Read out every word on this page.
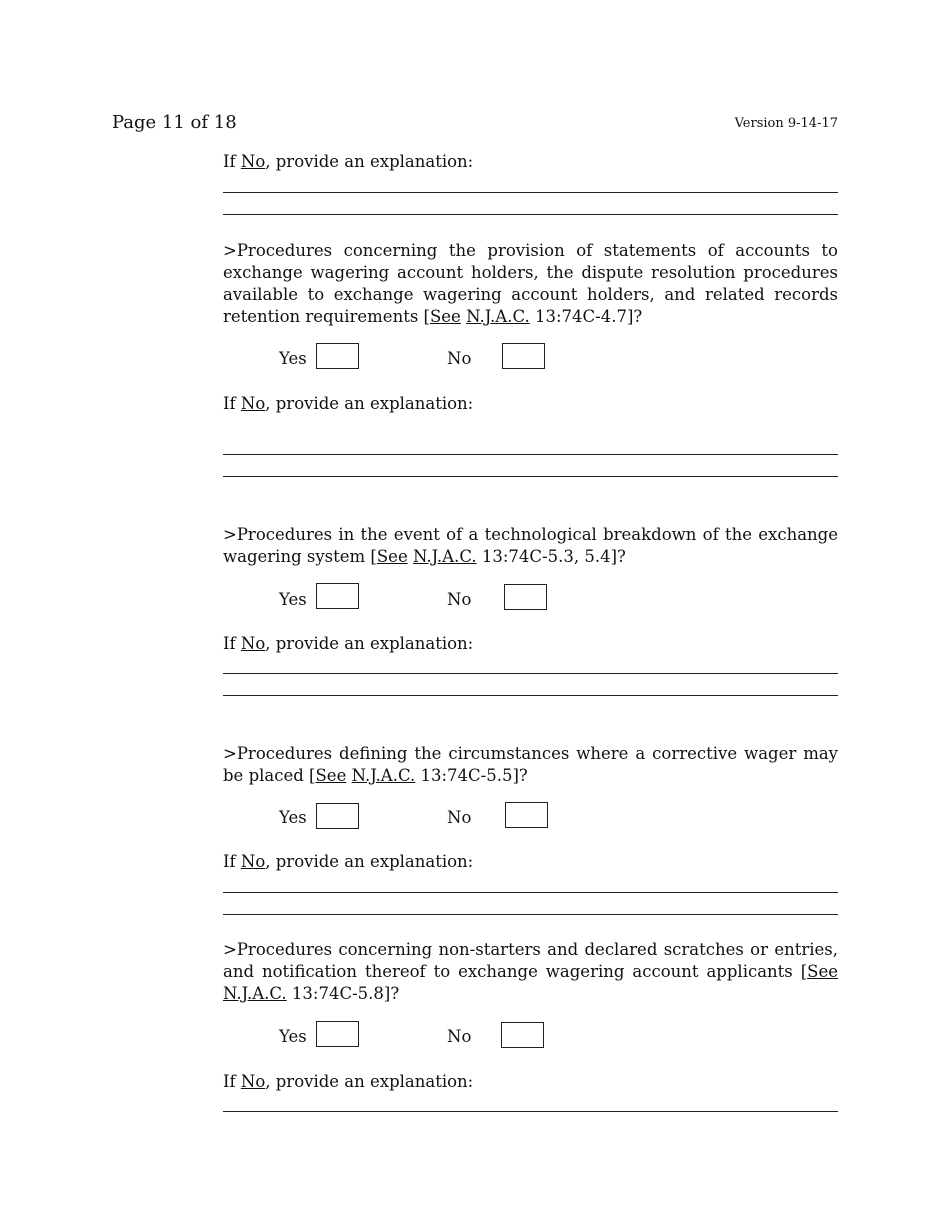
Page 11 of 18	Version 9-14-17
If No, provide an explanation:
>Procedures concerning the provision of statements of accounts to exchange wagering account holders, the dispute resolution procedures available to exchange wagering account holders, and related records retention requirements [See N.J.A.C. 13:74C-4.7]?
Yes	No
If No, provide an explanation:
>Procedures in the event of a technological breakdown of the exchange wagering system [See N.J.A.C. 13:74C-5.3, 5.4]?
Yes	No
If No, provide an explanation:
>Procedures defining the circumstances where a corrective wager may be placed [See N.J.A.C. 13:74C-5.5]?
Yes	No
If No, provide an explanation:
>Procedures concerning non-starters and declared scratches or entries, and notification thereof to exchange wagering account applicants [See N.J.A.C. 13:74C-5.8]?
Yes	No
If No, provide an explanation:
